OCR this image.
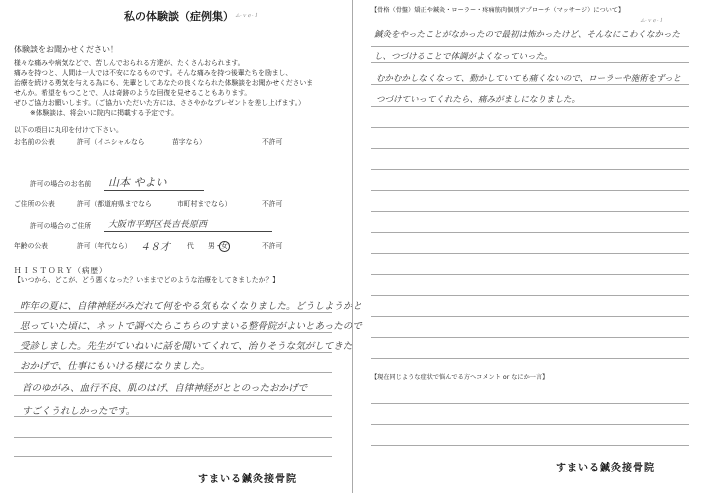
私の体験談（症例集） ム-ｖｅ-ｌ
体験談をお聞かせください！
様々な痛みや病気などで、苦しんでおられる方達が、たくさんおられます。
痛みを持つと、人間は一人では不安になるものです。そんな痛みを持つ後輩たちを励まし、
治療を続ける勇気を与える為にも、先輩としてあなたの良くなられた体験談をお聞かせくださいま
せんか。希望をもつことで、人は奇跡のような回復を見せることもあります。
ぜひご協力お願いします。（ご協力いただいた方には、ささやかなプレゼントを差し上げます。）
※体験談は、将会いに院内に掲載する予定です。
以下の項目に丸印を付けて下さい。
お名前の公表	許可（イニシャルなら	苗字なら）	不許可
許可の場合のお名前 山本 やよい
ご住所の公表	許可（都道府県までなら	市町村までなら）	不許可
許可の場合のご住所 大阪市平野区長吉長原西
年齢の公表	許可（年代なら） ４８才	代 男・ 女	不許可
ＨＩＳＴＯＲＹ（病歴）
【いつから、どこが、どう悪くなった？いままでどのような治療をしてきましたか？】
昨年の夏に、自律神経がみだれて何をやる気もなくなりました。どうしようかと
思っていた頃に、ネットで調べたらこちらのすまいる整骨院がよいとあったので
受診しました。先生がていねいに話を聞いてくれて、治りそうな気がしてきた
おかげで、仕事にもいける様になりました。
首のゆがみ、血行不良、肌のはげ、自律神経がととのったおかげで
すごくうれしかったです。
すまいる鍼灸接骨院
【骨格（骨盤）矯正や鍼灸・ローラー・疼痛筋肉個別アプローチ（マッサージ）について】
ム-ｖｅ-ｌ
鍼灸をやったことがなかったので最初は怖かったけど、そんなにこわくなかった
し、つづけることで体調がよくなっていった。
むかむかしなくなって、動かしていても痛くないので、ローラーや施術をずっと
つづけていってくれたら、痛みがましになりました。
【現在同じような症状で悩んでる方へコメント or なにか一言】
すまいる鍼灸接骨院
